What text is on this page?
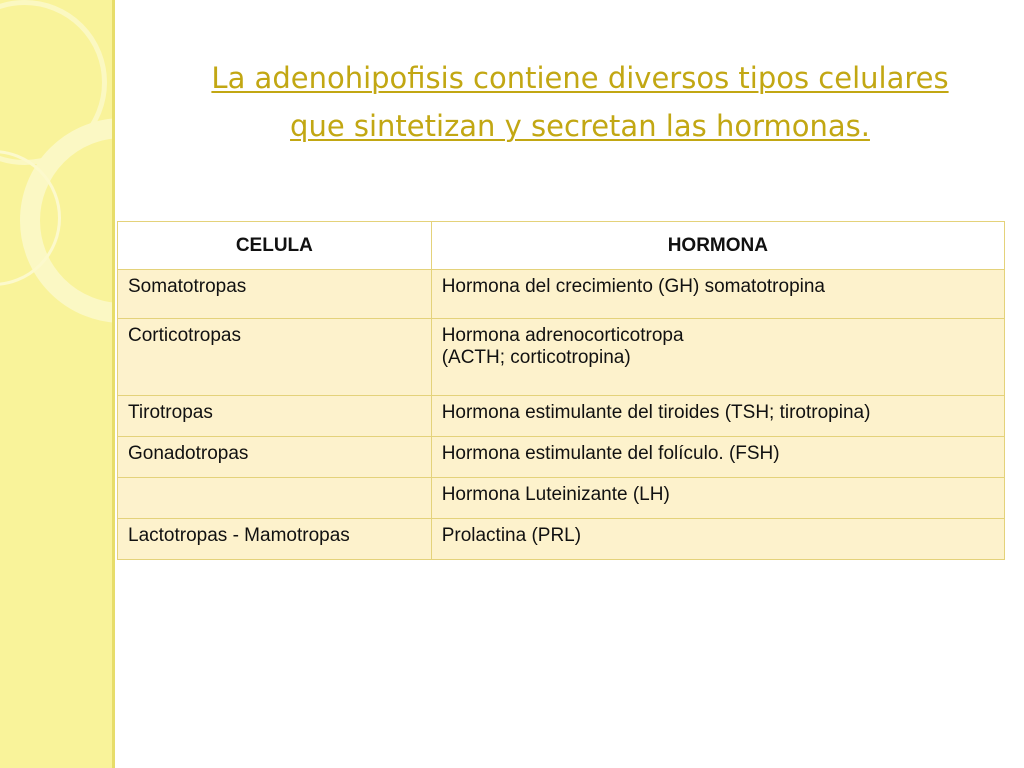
La adenohipofisis contiene diversos tipos celulares
que sintetizan y secretan las hormonas.
CELULA	HORMONA
Somatotropas	Hormona del crecimiento (GH) somatotropina
Corticotropas	Hormona adrenocorticotropa
(ACTH; corticotropina)

Tirotropas	Hormona estimulante del tiroides (TSH; tirotropina)
Gonadotropas	Hormona estimulante del folículo. (FSH)
	Hormona Luteinizante (LH)
Lactotropas - Mamotropas	Prolactina (PRL)
